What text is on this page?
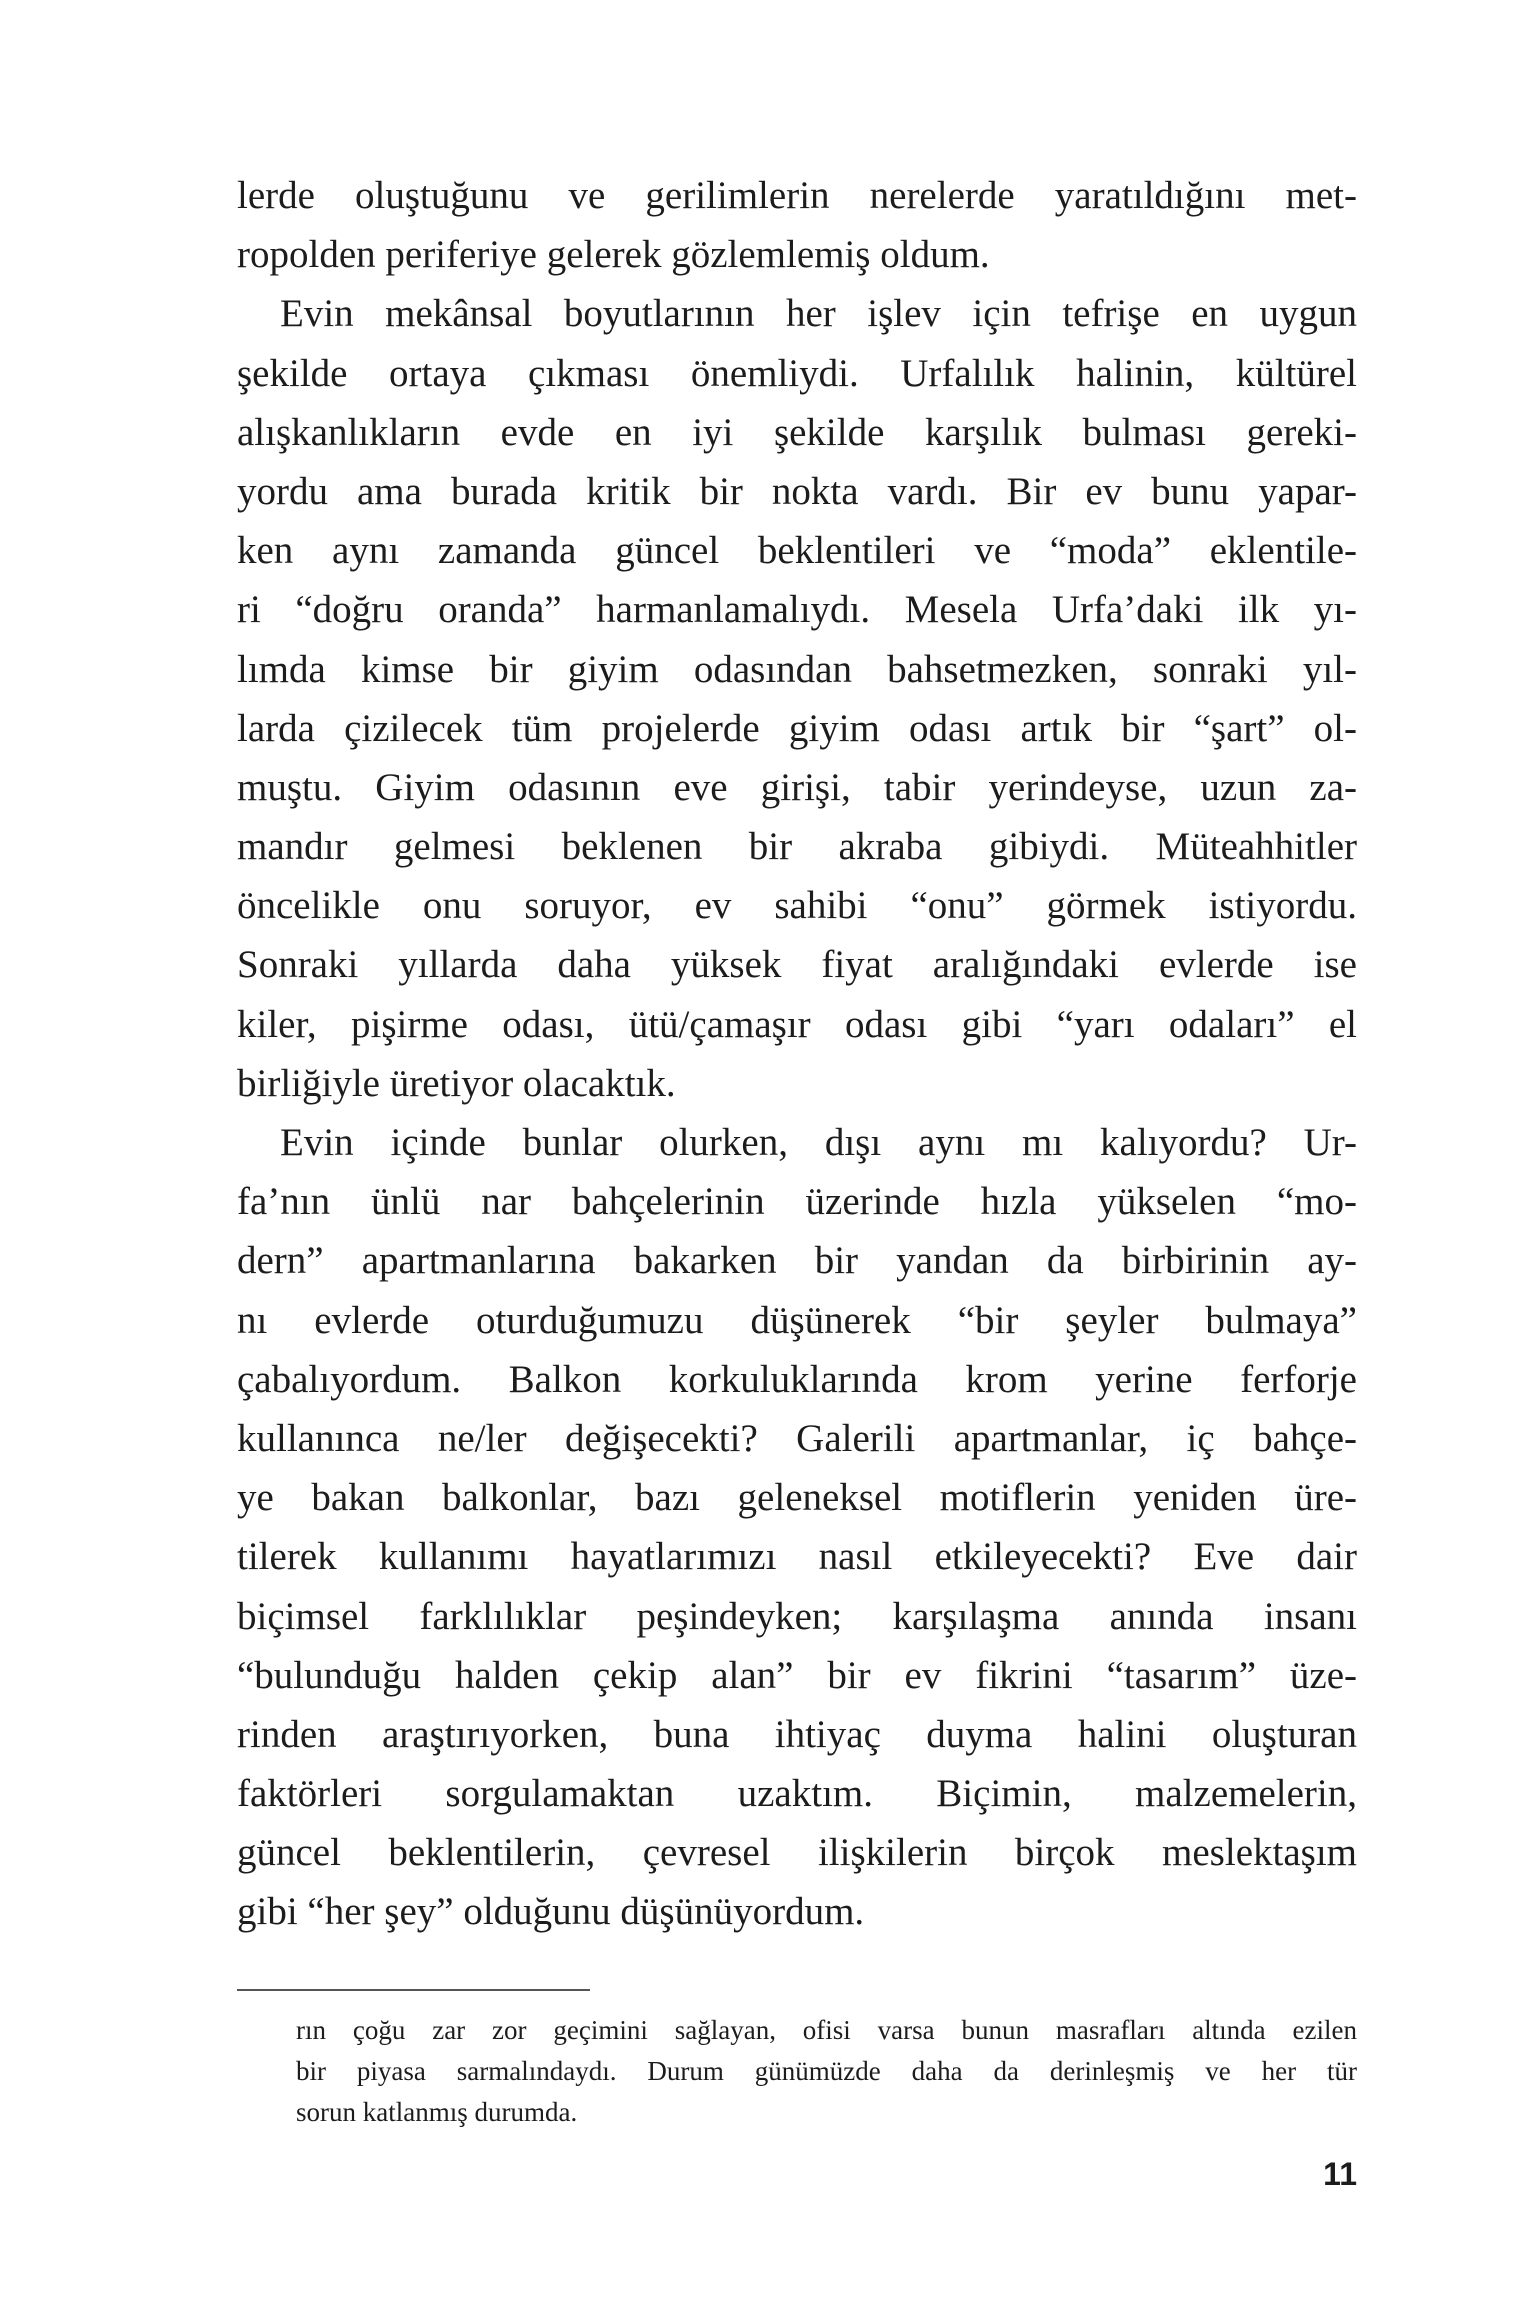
lerde oluştuğunu ve gerilimlerin nerelerde yaratıldığını met-
ropolden periferiye gelerek gözlemlemiş oldum.
Evin mekânsal boyutlarının her işlev için tefrişe en uygun
şekilde ortaya çıkması önemliydi. Urfalılık halinin, kültürel
alışkanlıkların evde en iyi şekilde karşılık bulması gereki-
yordu ama burada kritik bir nokta vardı. Bir ev bunu yapar-
ken aynı zamanda güncel beklentileri ve “moda” eklentile-
ri “doğru oranda” harmanlamalıydı. Mesela Urfa’daki ilk yı-
lımda kimse bir giyim odasından bahsetmezken, sonraki yıl-
larda çizilecek tüm projelerde giyim odası artık bir “şart” ol-
muştu. Giyim odasının eve girişi, tabir yerindeyse, uzun za-
mandır gelmesi beklenen bir akraba gibiydi. Müteahhitler
öncelikle onu soruyor, ev sahibi “onu” görmek istiyordu.
Sonraki yıllarda daha yüksek fiyat aralığındaki evlerde ise
kiler, pişirme odası, ütü/çamaşır odası gibi “yarı odaları” el
birliğiyle üretiyor olacaktık.
Evin içinde bunlar olurken, dışı aynı mı kalıyordu? Ur-
fa’nın ünlü nar bahçelerinin üzerinde hızla yükselen “mo-
dern” apartmanlarına bakarken bir yandan da birbirinin ay-
nı evlerde oturduğumuzu düşünerek “bir şeyler bulmaya”
çabalıyordum. Balkon korkuluklarında krom yerine ferforje
kullanınca ne/ler değişecekti? Galerili apartmanlar, iç bahçe-
ye bakan balkonlar, bazı geleneksel motiflerin yeniden üre-
tilerek kullanımı hayatlarımızı nasıl etkileyecekti? Eve dair
biçimsel farklılıklar peşindeyken; karşılaşma anında insanı
“bulunduğu halden çekip alan” bir ev fikrini “tasarım” üze-
rinden araştırıyorken, buna ihtiyaç duyma halini oluşturan
faktörleri sorgulamaktan uzaktım. Biçimin, malzemelerin,
güncel beklentilerin, çevresel ilişkilerin birçok meslektaşım
gibi “her şey” olduğunu düşünüyordum.
rın çoğu zar zor geçimini sağlayan, ofisi varsa bunun masrafları altında ezilen
bir piyasa sarmalındaydı. Durum günümüzde daha da derinleşmiş ve her tür
sorun katlanmış durumda.
11
